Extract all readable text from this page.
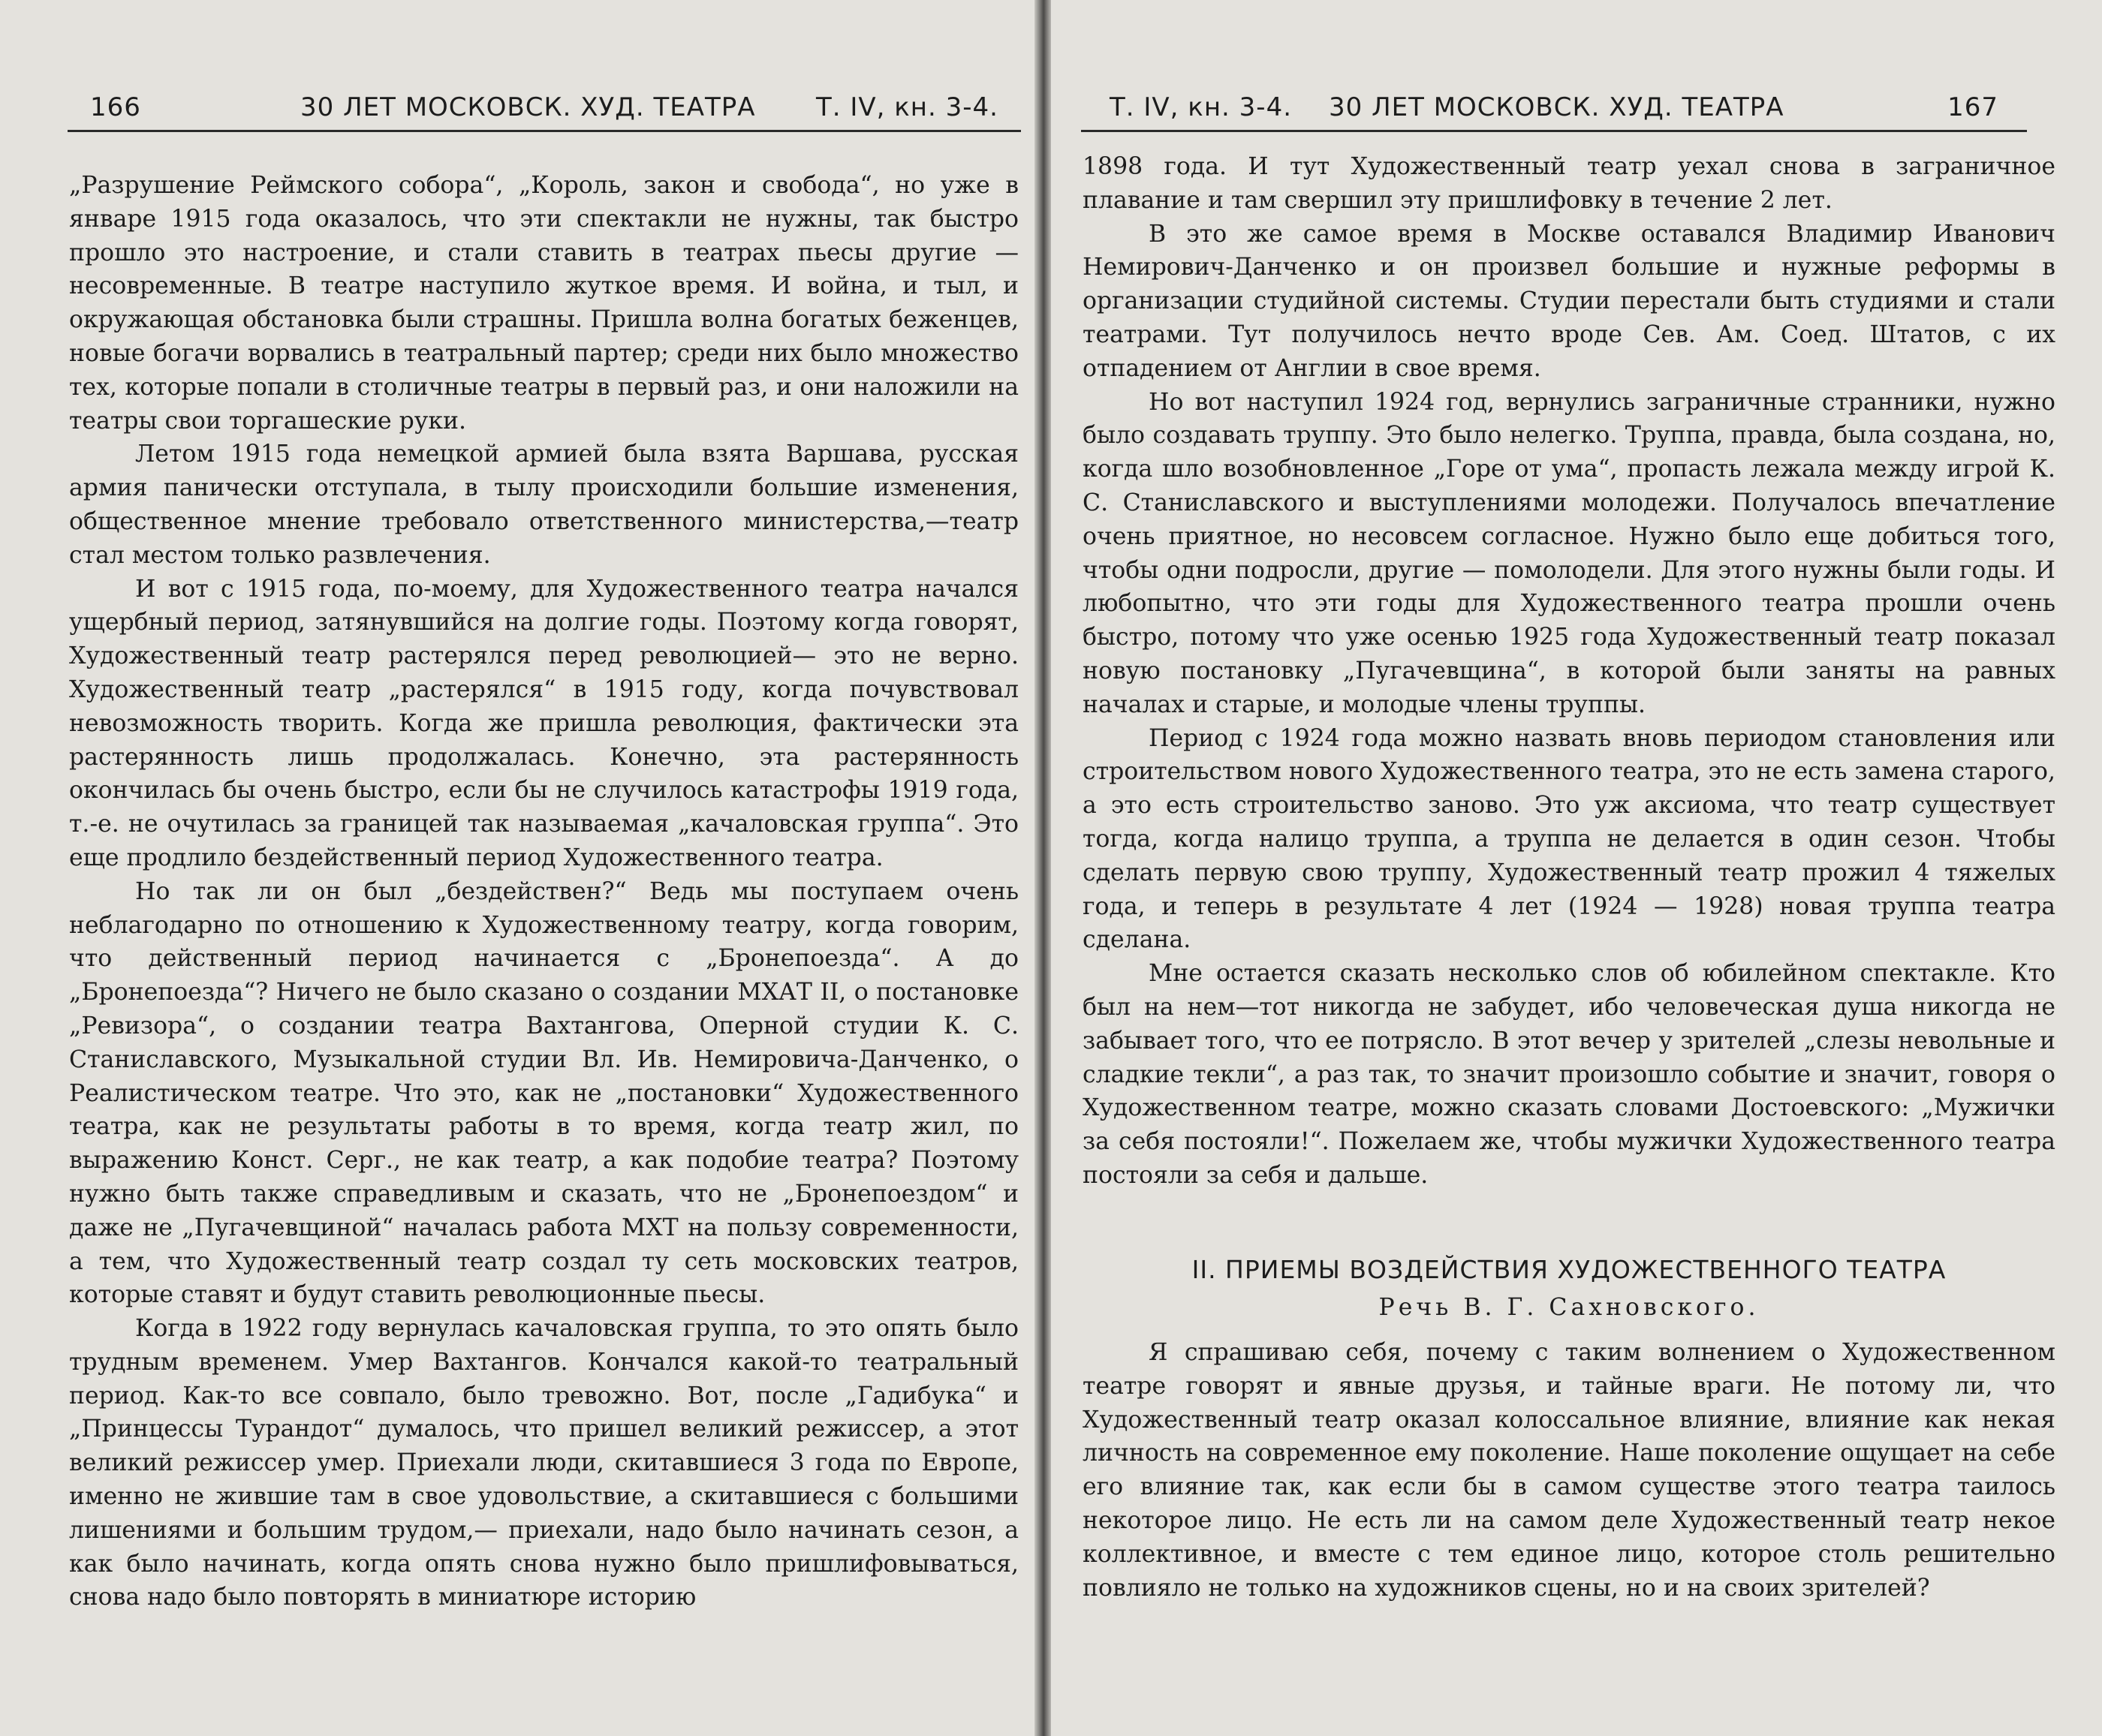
166	30 ЛЕТ МОСКОВСК. ХУД. ТЕАТРА Т. IV, кн. 3-4.

„Разрушение Реймского собора“, „Король, закон и свобода“, но уже в январе 1915 года оказалось, что эти спектакли не нужны, так быстро прошло это настроение, и стали ставить в театрах пьесы другие — несовременные. В театре наступило жуткое время. И война, и тыл, и окружающая обстановка были страшны. Пришла волна богатых беженцев, новые богачи ворвались в театральный партер; среди них было множество тех, которые попали в столичные театры в первый раз, и они наложили на театры свои торгашеские руки.

Летом 1915 года немецкой армией была взята Варшава, русская армия панически отступала, в тылу происходили большие изменения, общественное мнение требовало ответственного министерства,—театр стал местом только развлечения.

И вот с 1915 года, по-моему, для Художественного театра начался ущербный период, затянувшийся на долгие годы. Поэтому когда говорят, Художественный театр растерялся перед революцией— это не верно. Художественный театр „растерялся“ в 1915 году, когда почувствовал невозможность творить. Когда же пришла революция, фактически эта растерянность лишь продолжалась. Конечно, эта растерянность окончилась бы очень быстро, если бы не случилось катастрофы 1919 года, т.-е. не очутилась за границей так называемая „качаловская группа“. Это еще продлило бездейственный период Художественного театра.

Но так ли он был „бездействен?“ Ведь мы поступаем очень неблагодарно по отношению к Художественному театру, когда говорим, что действенный период начинается с „Бронепоезда“. А до „Бронепоезда“? Ничего не было сказано о создании МХАТ II, о постановке „Ревизора“, о создании театра Вахтангова, Оперной студии К. С. Станиславского, Музыкальной студии Вл. Ив. Немировича-Данченко, о Реалистическом театре. Что это, как не „постановки“ Художественного театра, как не результаты работы в то время, когда театр жил, по выражению Конст. Серг., не как театр, а как подобие театра? Поэтому нужно быть также справедливым и сказать, что не „Бронепоездом“ и даже не „Пугачевщиной“ началась работа МХТ на пользу современности, а тем, что Художественный театр создал ту сеть московских театров, которые ставят и будут ставить революционные пьесы.

Когда в 1922 году вернулась качаловская группа, то это опять было трудным временем. Умер Вахтангов. Кончался какой-то театральный период. Как-то все совпало, было тревожно. Вот, после „Гадибука“ и „Принцессы Турандот“ думалось, что пришел великий режиссер, а этот великий режиссер умер. Приехали люди, скитавшиеся 3 года по Европе, именно не жившие там в свое удовольствие, а скитавшиеся с большими лишениями и большим трудом,— приехали, надо было начинать сезон, а как было начинать, когда опять снова нужно было пришлифовываться, снова надо было повторять в миниатюре историю

Т. IV, кн. 3-4. 30 ЛЕТ МОСКОВСК. ХУД. ТЕАТРА	167
II. ПРИЕМЫ ВОЗДЕЙСТВИЯ ХУДОЖЕСТВЕННОГО ТЕАТРА
Речь В. Г. Сахновского.

1898 года. И тут Художественный театр уехал снова в заграничное плавание и там свершил эту пришлифовку в течение 2 лет.

В это же самое время в Москве оставался Владимир Иванович Немирович-Данченко и он произвел большие и нужные реформы в организации студийной системы. Студии перестали быть студиями и стали театрами. Тут получилось нечто вроде Сев. Ам. Соед. Штатов, с их отпадением от Англии в свое время.

Но вот наступил 1924 год, вернулись заграничные странники, нужно было создавать труппу. Это было нелегко. Труппа, правда, была создана, но, когда шло возобновленное „Горе от ума“, пропасть лежала между игрой К. С. Станиславского и выступлениями молодежи. Получалось впечатление очень приятное, но несовсем согласное. Нужно было еще добиться того, чтобы одни подросли, другие — помолодели. Для этого нужны были годы. И любопытно, что эти годы для Художественного театра прошли очень быстро, потому что уже осенью 1925 года Художественный театр показал новую постановку „Пугачевщина“, в которой были заняты на равных началах и старые, и молодые члены труппы.

Период с 1924 года можно назвать вновь периодом становления или строительством нового Художественного театра, это не есть замена старого, а это есть строительство заново. Это уж аксиома, что театр существует тогда, когда налицо труппа, а труппа не делается в один сезон. Чтобы сделать первую свою труппу, Художественный театр прожил 4 тяжелых года, и теперь в результате 4 лет (1924 — 1928) новая труппа театра сделана.

Мне остается сказать несколько слов об юбилейном спектакле. Кто был на нем—тот никогда не забудет, ибо человеческая душа никогда не забывает того, что ее потрясло. В этот вечер у зрителей „слезы невольные и сладкие текли“, а раз так, то значит произошло событие и значит, говоря о Художественном театре, можно сказать словами Достоевского: „Мужички за себя постояли!“. Пожелаем же, чтобы мужички Художественного театра постояли за себя и дальше.

Я спрашиваю себя, почему с таким волнением о Художественном театре говорят и явные друзья, и тайные враги. Не потому ли, что Художественный театр оказал колоссальное влияние, влияние как некая личность на современное ему поколение. Наше поколение ощущает на себе его влияние так, как если бы в самом существе этого театра таилось некоторое лицо. Не есть ли на самом деле Художественный театр некое коллективное, и вместе с тем единое лицо, которое столь решительно повлияло не только на художников сцены, но и на своих зрителей?
